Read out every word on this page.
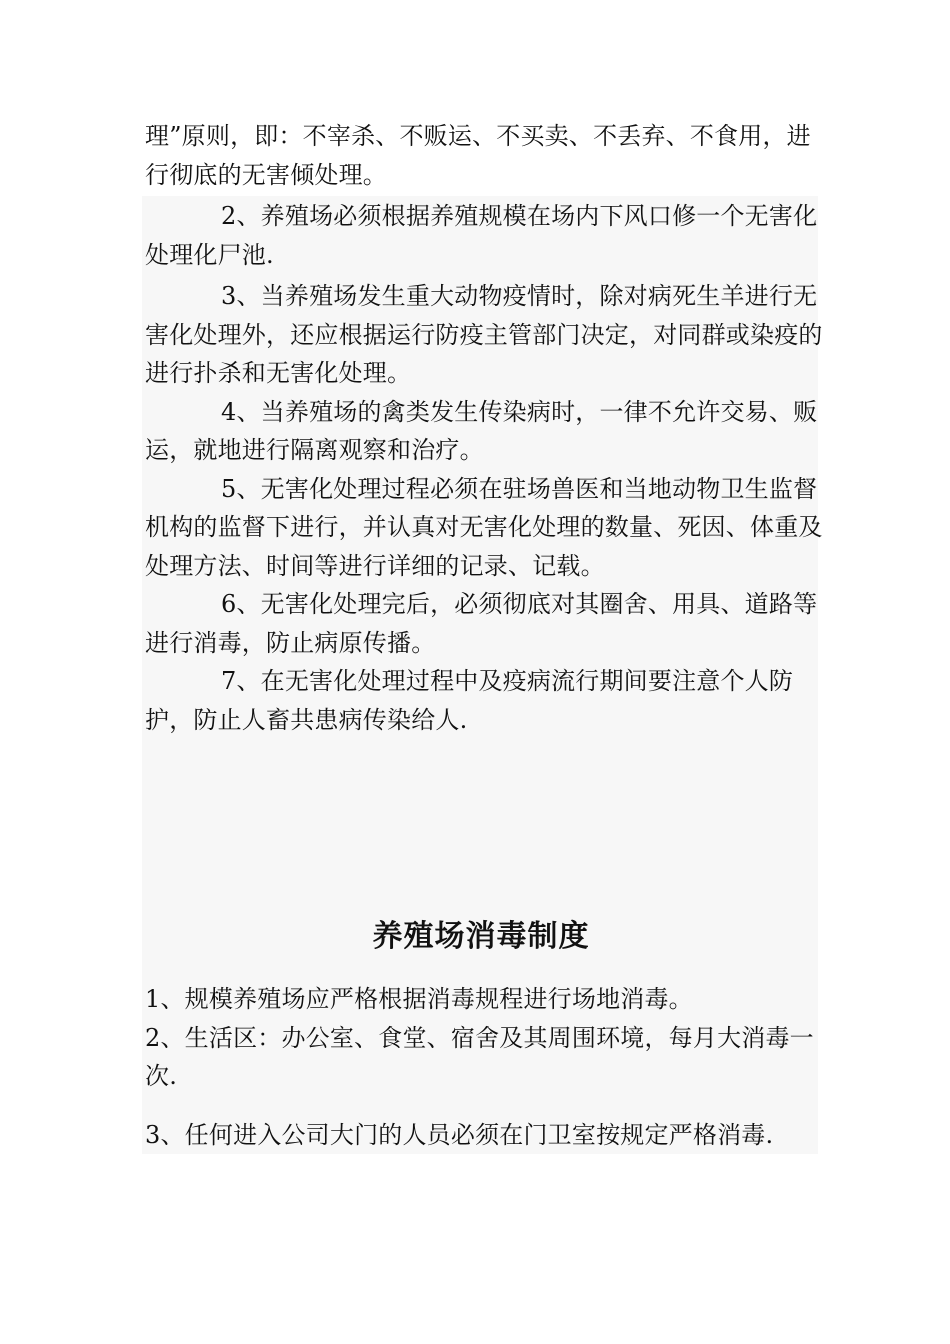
理”原则，即：不宰杀、不贩运、不买卖、不丢弃、不食用，进行彻底的无害倾处理。

2、养殖场必须根据养殖规模在场内下风口修一个无害化处理化尸池.

3、当养殖场发生重大动物疫情时，除对病死生羊进行无害化处理外，还应根据运行防疫主管部门决定，对同群或染疫的进行扑杀和无害化处理。

4、当养殖场的禽类发生传染病时，一律不允许交易、贩运，就地进行隔离观察和治疗。

5、无害化处理过程必须在驻场兽医和当地动物卫生监督机构的监督下进行，并认真对无害化处理的数量、死因、体重及处理方法、时间等进行详细的记录、记载。

6、无害化处理完后，必须彻底对其圈舍、用具、道路等进行消毒，防止病原传播。

7、在无害化处理过程中及疫病流行期间要注意个人防护，防止人畜共患病传染给人.

养殖场消毒制度

1、规模养殖场应严格根据消毒规程进行场地消毒。

2、生活区：办公室、食堂、宿舍及其周围环境，每月大消毒一次.

3、任何进入公司大门的人员必须在门卫室按规定严格消毒.
